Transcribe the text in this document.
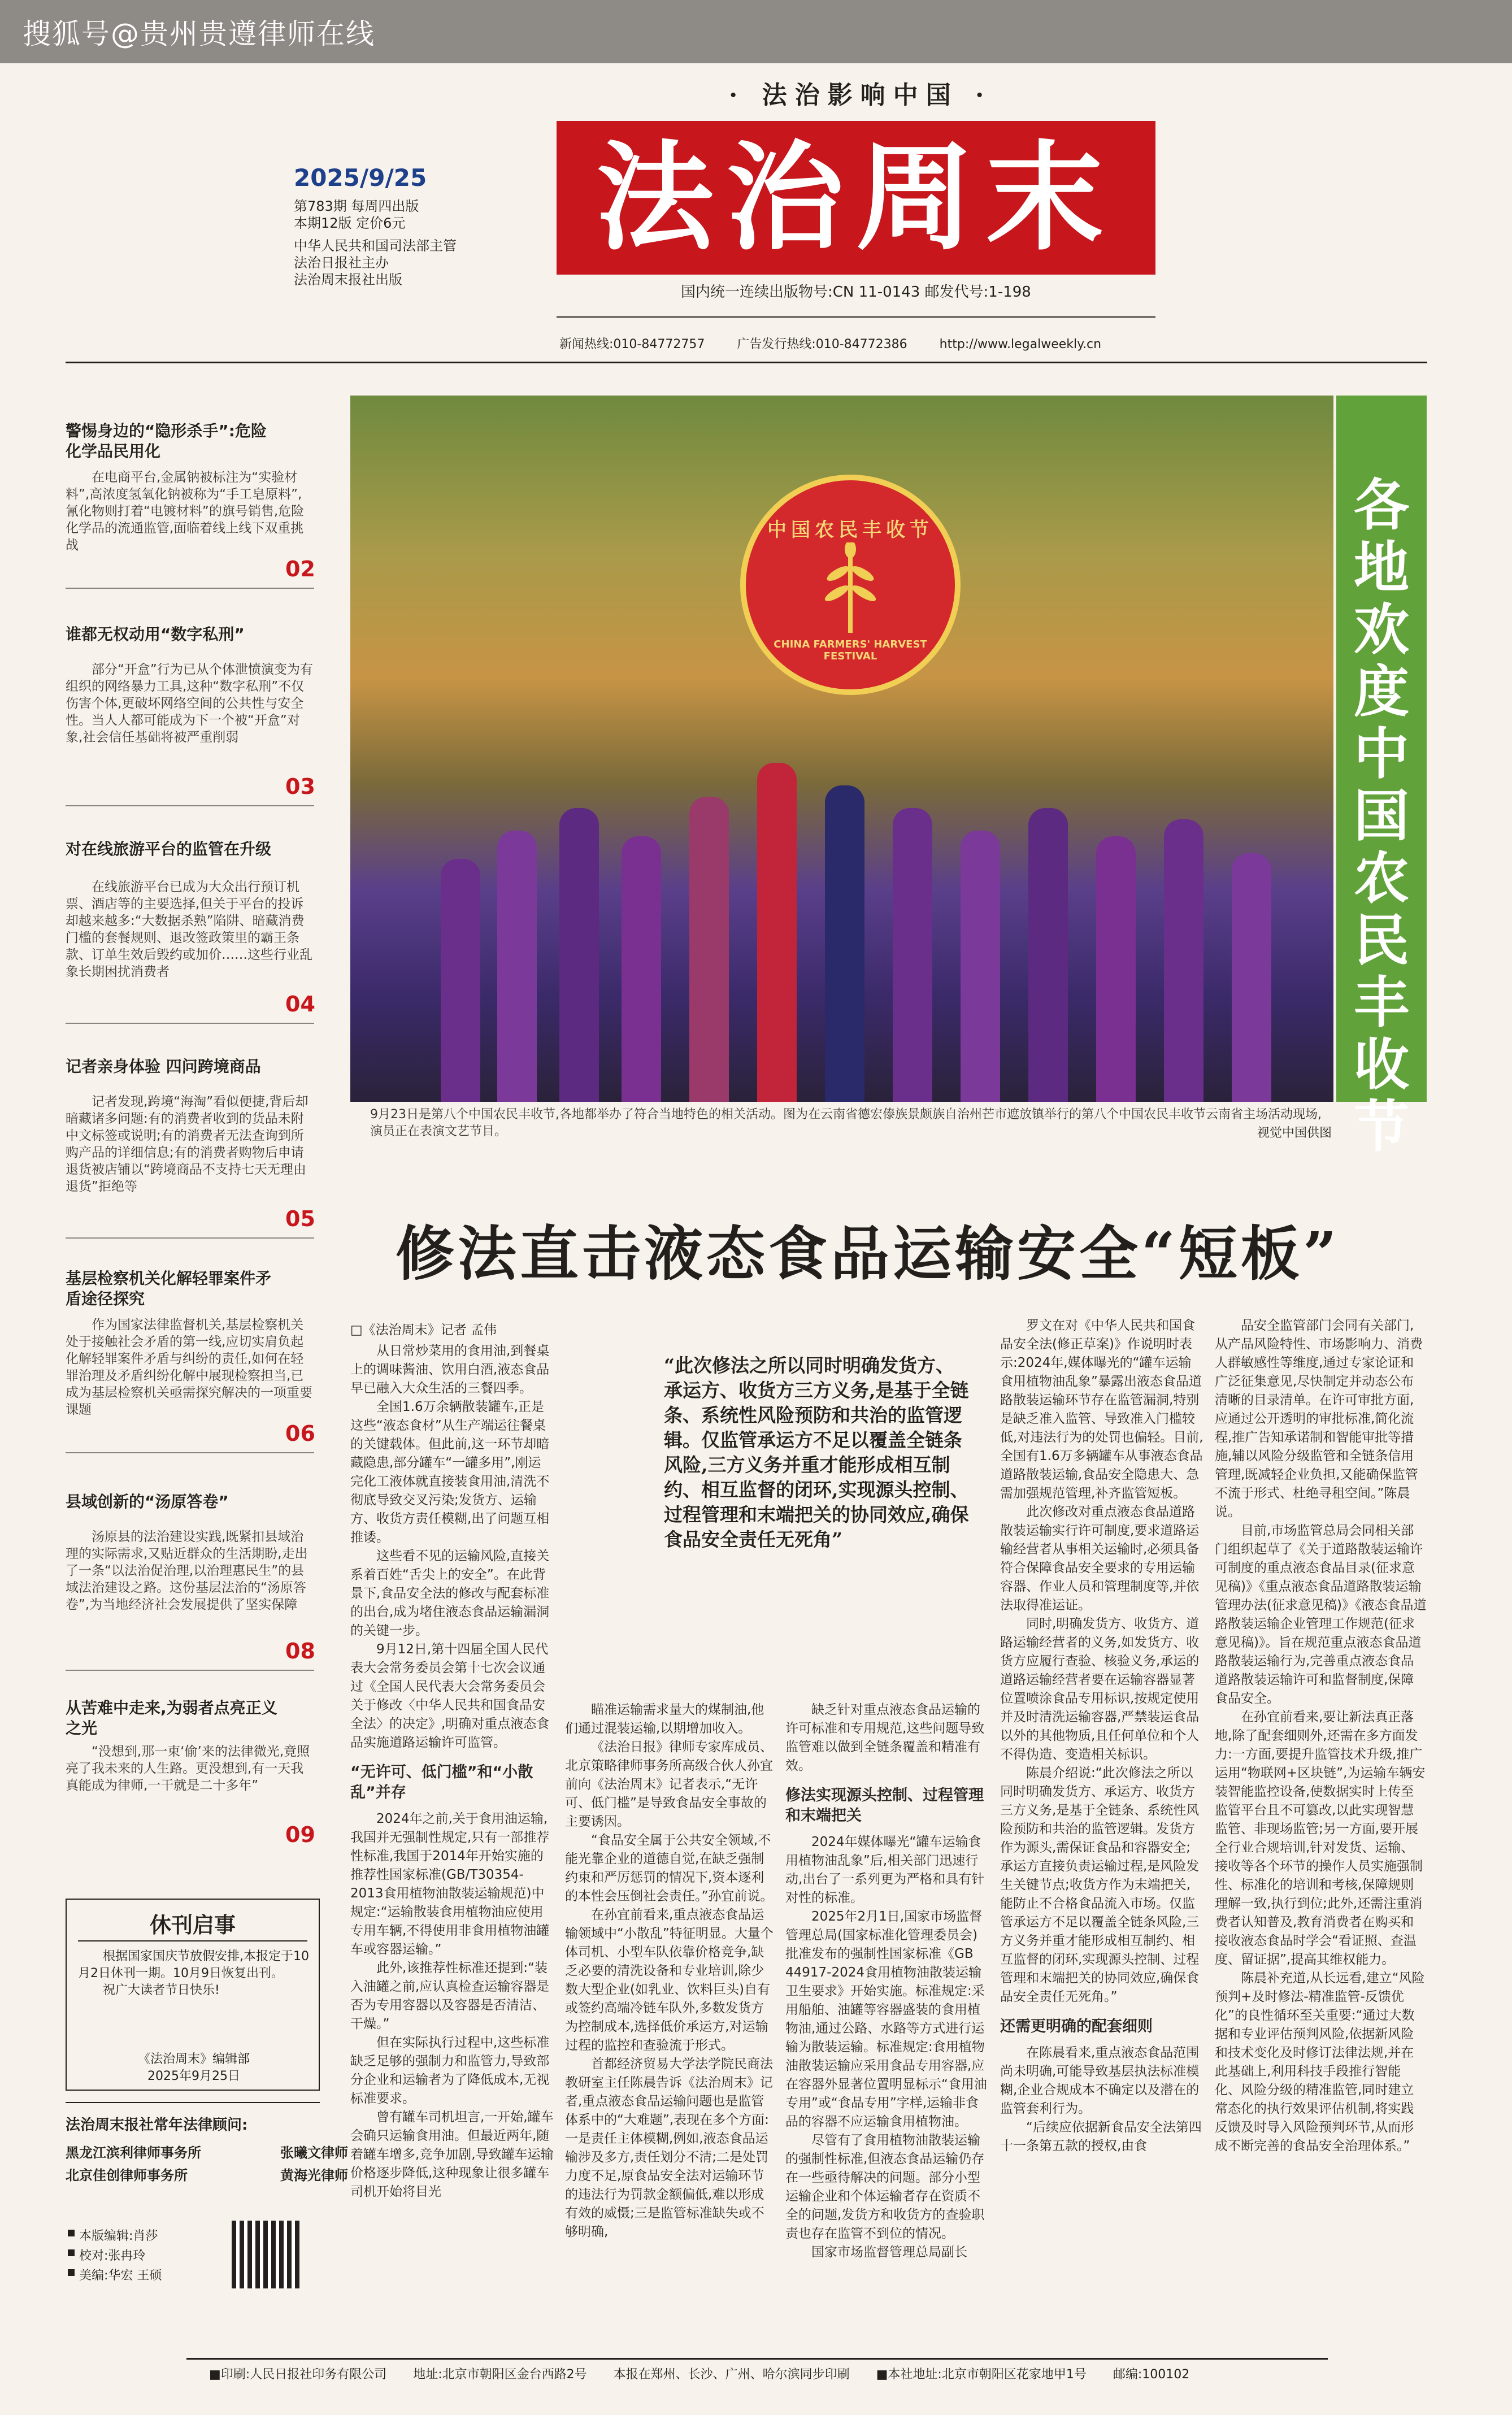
搜狐号@贵州贵遵律师在线
· 法治影响中国 ·
2025/9/25
第783期 每周四出版
本期12版 定价6元
中华人民共和国司法部主管
法治日报社主办
法治周末报社出版
法治周末
国内统一连续出版物号:CN 11-0143 邮发代号:1-198
新闻热线:010-84772757	广告发行热线:010-84772386	http://www.legalweekly.cn
警惕身边的“隐形杀手”:危险化学品民用化
在电商平台,金属钠被标注为“实验材料”,高浓度氢氧化钠被称为“手工皂原料”,氰化物则打着“电镀材料”的旗号销售,危险化学品的流通监管,面临着线上线下双重挑战
02
谁都无权动用“数字私刑”
部分“开盒”行为已从个体泄愤演变为有组织的网络暴力工具,这种“数字私刑”不仅伤害个体,更破坏网络空间的公共性与安全性。当人人都可能成为下一个被“开盒”对象,社会信任基础将被严重削弱
03
对在线旅游平台的监管在升级
在线旅游平台已成为大众出行预订机票、酒店等的主要选择,但关于平台的投诉却越来越多:“大数据杀熟”陷阱、暗藏消费门槛的套餐规则、退改签政策里的霸王条款、订单生效后毁约或加价……这些行业乱象长期困扰消费者
04
记者亲身体验 四问跨境商品
记者发现,跨境“海淘”看似便捷,背后却暗藏诸多问题:有的消费者收到的货品未附中文标签或说明;有的消费者无法查询到所购产品的详细信息;有的消费者购物后申请退货被店铺以“跨境商品不支持七天无理由退货”拒绝等
05
基层检察机关化解轻罪案件矛盾途径探究
作为国家法律监督机关,基层检察机关处于接触社会矛盾的第一线,应切实肩负起化解轻罪案件矛盾与纠纷的责任,如何在轻罪治理及矛盾纠纷化解中展现检察担当,已成为基层检察机关亟需探究解决的一项重要课题
06
县域创新的“汤原答卷”
汤原县的法治建设实践,既紧扣县域治理的实际需求,又贴近群众的生活期盼,走出了一条“以法治促治理,以治理惠民生”的县域法治建设之路。这份基层法治的“汤原答卷”,为当地经济社会发展提供了坚实保障
08
从苦难中走来,为弱者点亮正义之光
“没想到,那一束‘偷’来的法律微光,竟照亮了我未来的人生路。更没想到,有一天我真能成为律师,一干就是二十多年”
09
休刊启事
根据国家国庆节放假安排,本报定于10月2日休刊一期。10月9日恢复出刊。
祝广大读者节日快乐!
《法治周末》编辑部
2025年9月25日
法治周末报社常年法律顾问:
黑龙江滨利律师事务所	张曦文律师
北京佳创律师事务所	黄海光律师
本版编辑:肖莎
校对:张冉玲
美编:华宏 王硕
中国农民丰收节
CHINA FARMERS' HARVEST FESTIVAL
各地欢度中国农民丰收节
9月23日是第八个中国农民丰收节,各地都举办了符合当地特色的相关活动。图为在云南省德宏傣族景颇族自治州芒市遮放镇举行的第八个中国农民丰收节云南省主场活动现场,演员正在表演文艺节目。	视觉中国供图
修法直击液态食品运输安全“短板”
□《法治周末》记者 孟伟
“此次修法之所以同时明确发货方、承运方、收货方三方义务,是基于全链条、系统性风险预防和共治的监管逻辑。仅监管承运方不足以覆盖全链条风险,三方义务并重才能形成相互制约、相互监督的闭环,实现源头控制、过程管理和末端把关的协同效应,确保食品安全责任无死角”

从日常炒菜用的食用油,到餐桌上的调味酱油、饮用白酒,液态食品早已融入大众生活的三餐四季。

全国1.6万余辆散装罐车,正是这些“液态食材”从生产端运往餐桌的关键载体。但此前,这一环节却暗藏隐患,部分罐车“一罐多用”,刚运完化工液体就直接装食用油,清洗不彻底导致交叉污染;发货方、运输方、收货方责任模糊,出了问题互相推诿。

这些看不见的运输风险,直接关系着百姓“舌尖上的安全”。在此背景下,食品安全法的修改与配套标准的出台,成为堵住液态食品运输漏洞的关键一步。

9月12日,第十四届全国人民代表大会常务委员会第十七次会议通过《全国人民代表大会常务委员会关于修改〈中华人民共和国食品安全法〉的决定》,明确对重点液态食品实施道路运输许可监管。

“无许可、低门槛”和“小散乱”并存

2024年之前,关于食用油运输,我国并无强制性规定,只有一部推荐性标准,我国于2014年开始实施的推荐性国家标准(GB/T30354-2013食用植物油散装运输规范)中规定:“运输散装食用植物油应使用专用车辆,不得使用非食用植物油罐车或容器运输。”

此外,该推荐性标准还提到:“装入油罐之前,应认真检查运输容器是否为专用容器以及容器是否清洁、干燥。”

但在实际执行过程中,这些标准缺乏足够的强制力和监管力,导致部分企业和运输者为了降低成本,无视标准要求。

曾有罐车司机坦言,一开始,罐车会确只运输食用油。但最近两年,随着罐车增多,竞争加剧,导致罐车运输价格逐步降低,这种现象让很多罐车司机开始将目光

瞄准运输需求量大的煤制油,他们通过混装运输,以期增加收入。

《法治日报》律师专家库成员、北京策略律师事务所高级合伙人孙宜前向《法治周末》记者表示,“无许可、低门槛”是导致食品安全事故的主要诱因。

“食品安全属于公共安全领域,不能光靠企业的道德自觉,在缺乏强制约束和严厉惩罚的情况下,资本逐利的本性会压倒社会责任。”孙宜前说。

在孙宜前看来,重点液态食品运输领域中“小散乱”特征明显。大量个体司机、小型车队依靠价格竞争,缺乏必要的清洗设备和专业培训,除少数大型企业(如乳业、饮料巨头)自有或签约高端冷链车队外,多数发货方为控制成本,选择低价承运方,对运输过程的监控和查验流于形式。

首都经济贸易大学法学院民商法教研室主任陈晨告诉《法治周末》记者,重点液态食品运输问题也是监管体系中的“大难题”,表现在多个方面:一是责任主体模糊,例如,液态食品运输涉及多方,责任划分不清;二是处罚力度不足,原食品安全法对运输环节的违法行为罚款金额偏低,难以形成有效的威慑;三是监管标准缺失或不够明确,

缺乏针对重点液态食品运输的许可标准和专用规范,这些问题导致监管难以做到全链条覆盖和精准有效。

修法实现源头控制、过程管理和末端把关

2024年媒体曝光“罐车运输食用植物油乱象”后,相关部门迅速行动,出台了一系列更为严格和具有针对性的标准。

2025年2月1日,国家市场监督管理总局(国家标准化管理委员会)批准发布的强制性国家标准《GB 44917-2024食用植物油散装运输卫生要求》开始实施。标准规定:采用船舶、油罐等容器盛装的食用植物油,通过公路、水路等方式进行运输为散装运输。标准规定:食用植物油散装运输应采用食品专用容器,应在容器外显著位置明显标示“食用油专用”或“食品专用”字样,运输非食品的容器不应运输食用植物油。

尽管有了食用植物油散装运输的强制性标准,但液态食品运输仍存在一些亟待解决的问题。部分小型运输企业和个体运输者存在资质不全的问题,发货方和收货方的查验职责也存在监管不到位的情况。

国家市场监督管理总局副长

罗文在对《中华人民共和国食品安全法(修正草案)》作说明时表示:2024年,媒体曝光的“罐车运输食用植物油乱象”暴露出液态食品道路散装运输环节存在监管漏洞,特别是缺乏准入监管、导致准入门槛较低,对违法行为的处罚也偏轻。目前,全国有1.6万多辆罐车从事液态食品道路散装运输,食品安全隐患大、急需加强规范管理,补齐监管短板。

此次修改对重点液态食品道路散装运输实行许可制度,要求道路运输经营者从事相关运输时,必须具备符合保障食品安全要求的专用运输容器、作业人员和管理制度等,并依法取得准运证。

同时,明确发货方、收货方、道路运输经营者的义务,如发货方、收货方应履行查验、核验义务,承运的道路运输经营者要在运输容器显著位置喷涂食品专用标识,按规定使用并及时清洗运输容器,严禁装运食品以外的其他物质,且任何单位和个人不得伪造、变造相关标识。

陈晨介绍说:“此次修法之所以同时明确发货方、承运方、收货方三方义务,是基于全链条、系统性风险预防和共治的监管逻辑。发货方作为源头,需保证食品和容器安全;承运方直接负责运输过程,是风险发生关键节点;收货方作为末端把关,能防止不合格食品流入市场。仅监管承运方不足以覆盖全链条风险,三方义务并重才能形成相互制约、相互监督的闭环,实现源头控制、过程管理和末端把关的协同效应,确保食品安全责任无死角。”

还需更明确的配套细则

在陈晨看来,重点液态食品范围尚未明确,可能导致基层执法标准模糊,企业合规成本不确定以及潜在的监管套利行为。

“后续应依据新食品安全法第四十一条第五款的授权,由食

品安全监管部门会同有关部门,从产品风险特性、市场影响力、消费人群敏感性等维度,通过专家论证和广泛征集意见,尽快制定并动态公布清晰的目录清单。在许可审批方面,应通过公开透明的审批标准,简化流程,推广告知承诺制和智能审批等措施,辅以风险分级监管和全链条信用管理,既减轻企业负担,又能确保监管不流于形式、杜绝寻租空间。”陈晨说。

目前,市场监管总局会同相关部门组织起草了《关于道路散装运输许可制度的重点液态食品目录(征求意见稿)》《重点液态食品道路散装运输管理办法(征求意见稿)》《液态食品道路散装运输企业管理工作规范(征求意见稿)》。旨在规范重点液态食品道路散装运输行为,完善重点液态食品道路散装运输许可和监督制度,保障食品安全。

在孙宜前看来,要让新法真正落地,除了配套细则外,还需在多方面发力:一方面,要提升监管技术升级,推广运用“物联网+区块链”,为运输车辆安装智能监控设备,使数据实时上传至监管平台且不可篡改,以此实现智慧监管、非现场监管;另一方面,要开展全行业合规培训,针对发货、运输、接收等各个环节的操作人员实施强制性、标准化的培训和考核,保障规则理解一致,执行到位;此外,还需注重消费者认知普及,教育消费者在购买和接收液态食品时学会“看证照、查温度、留证据”,提高其维权能力。

陈晨补充道,从长远看,建立“风险预判+及时修法-精准监管-反馈优化”的良性循环至关重要:“通过大数据和专业评估预判风险,依据新风险和技术变化及时修订法律法规,并在此基础上,利用科技手段推行智能化、风险分级的精准监管,同时建立常态化的执行效果评估机制,将实践反馈及时导入风险预判环节,从而形成不断完善的食品安全治理体系。”

■印刷:人民日报社印务有限公司 地址:北京市朝阳区金台西路2号 本报在郑州、长沙、广州、哈尔滨同步印刷 ■本社地址:北京市朝阳区花家地甲1号 邮编:100102
